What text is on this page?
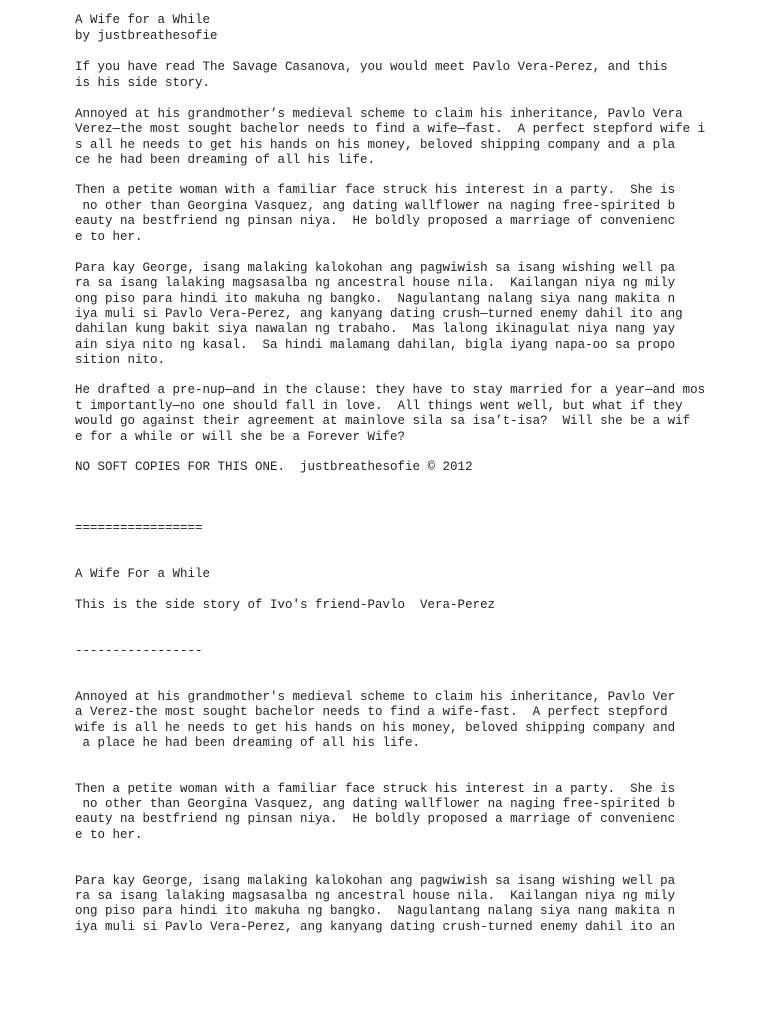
A Wife for a While
by justbreathesofie
If you have read The Savage Casanova, you would meet Pavlo Vera-Perez, and this
is his side story.
Annoyed at his grandmother’s medieval scheme to claim his inheritance, Pavlo Vera
Verez—the most sought bachelor needs to find a wife—fast.  A perfect stepford wife i
s all he needs to get his hands on his money, beloved shipping company and a pla
ce he had been dreaming of all his life.
Then a petite woman with a familiar face struck his interest in a party.  She is
no other than Georgina Vasquez, ang dating wallflower na naging free-spirited b
eauty na bestfriend ng pinsan niya.  He boldly proposed a marriage of convenienc
e to her.
Para kay George, isang malaking kalokohan ang pagwiwish sa isang wishing well pa
ra sa isang lalaking magsasalba ng ancestral house nila.  Kailangan niya ng mily
ong piso para hindi ito makuha ng bangko.  Nagulantang nalang siya nang makita n
iya muli si Pavlo Vera-Perez, ang kanyang dating crush—turned enemy dahil ito ang
dahilan kung bakit siya nawalan ng trabaho.  Mas lalong ikinagulat niya nang yay
ain siya nito ng kasal.  Sa hindi malamang dahilan, bigla iyang napa-oo sa propo
sition nito.
He drafted a pre-nup—and in the clause: they have to stay married for a year—and mos
t importantly—no one should fall in love.  All things went well, but what if they
would go against their agreement at mainlove sila sa isa’t-isa?  Will she be a wif
e for a while or will she be a Forever Wife?
NO SOFT COPIES FOR THIS ONE.  justbreathesofie © 2012
=================
A Wife For a While
This is the side story of Ivo's friend-Pavlo  Vera-Perez
-----------------
Annoyed at his grandmother's medieval scheme to claim his inheritance, Pavlo Ver
a Verez-the most sought bachelor needs to find a wife-fast.  A perfect stepford
wife is all he needs to get his hands on his money, beloved shipping company and
a place he had been dreaming of all his life.
Then a petite woman with a familiar face struck his interest in a party.  She is
no other than Georgina Vasquez, ang dating wallflower na naging free-spirited b
eauty na bestfriend ng pinsan niya.  He boldly proposed a marriage of convenienc
e to her.
Para kay George, isang malaking kalokohan ang pagwiwish sa isang wishing well pa
ra sa isang lalaking magsasalba ng ancestral house nila.  Kailangan niya ng mily
ong piso para hindi ito makuha ng bangko.  Nagulantang nalang siya nang makita n
iya muli si Pavlo Vera-Perez, ang kanyang dating crush-turned enemy dahil ito an
